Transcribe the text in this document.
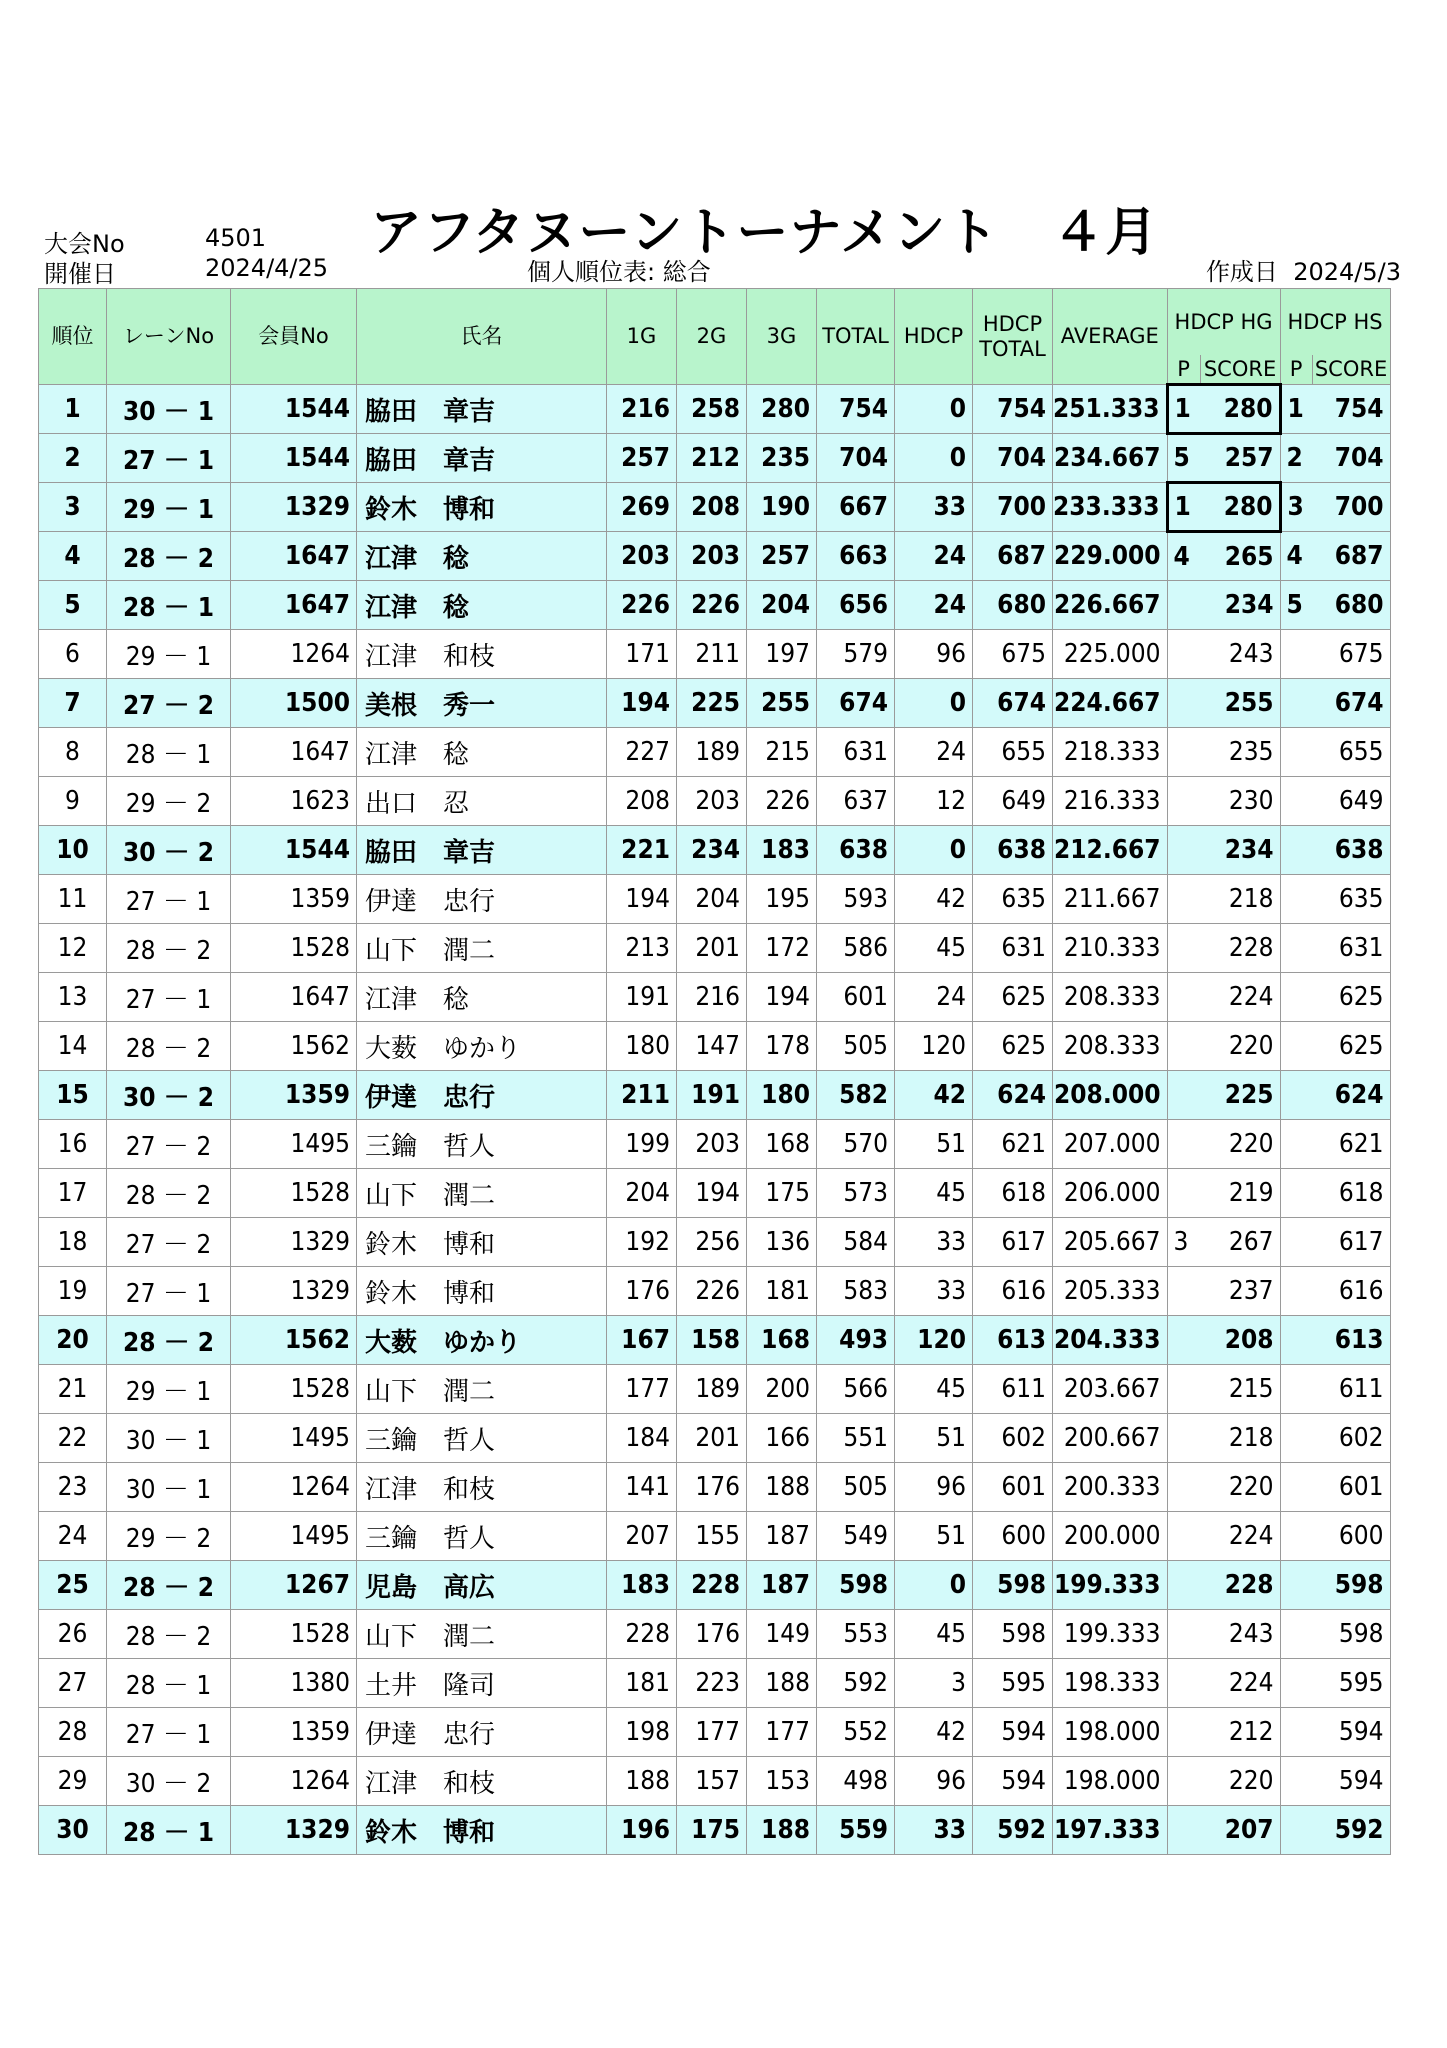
大会No	4501
開催日	2024/4/25
アフタヌーントーナメント　４月
個人順位表: 総合	作成日 2024/5/3
順位	レーンNo	会員No	氏名	1G	2G	3G	TOTAL	HDCP	HDCP TOTAL	AVERAGE	HDCP HG		HDCP HS	
											P	SCORE	P	SCORE
1	30 － 1	1544	脇田　章吉	216	258	280	754	0	754	251.333	1	280	1	754
2	27 － 1	1544	脇田　章吉	257	212	235	704	0	704	234.667	5	257	2	704
3	29 － 1	1329	鈴木　博和	269	208	190	667	33	700	233.333	1	280	3	700
4	28 － 2	1647	江津　稔	203	203	257	663	24	687	229.000	4	265	4	687
5	28 － 1	1647	江津　稔	226	226	204	656	24	680	226.667		234	5	680
6	29 － 1	1264	江津　和枝	171	211	197	579	96	675	225.000		243		675
7	27 － 2	1500	美根　秀一	194	225	255	674	0	674	224.667		255		674
8	28 － 1	1647	江津　稔	227	189	215	631	24	655	218.333		235		655
9	29 － 2	1623	出口　忍	208	203	226	637	12	649	216.333		230		649
10	30 － 2	1544	脇田　章吉	221	234	183	638	0	638	212.667		234		638
11	27 － 1	1359	伊達　忠行	194	204	195	593	42	635	211.667		218		635
12	28 － 2	1528	山下　潤二	213	201	172	586	45	631	210.333		228		631
13	27 － 1	1647	江津　稔	191	216	194	601	24	625	208.333		224		625
14	28 － 2	1562	大薮　ゆかり	180	147	178	505	120	625	208.333		220		625
15	30 － 2	1359	伊達　忠行	211	191	180	582	42	624	208.000		225		624
16	27 － 2	1495	三鑰　哲人	199	203	168	570	51	621	207.000		220		621
17	28 － 2	1528	山下　潤二	204	194	175	573	45	618	206.000		219		618
18	27 － 2	1329	鈴木　博和	192	256	136	584	33	617	205.667	3	267		617
19	27 － 1	1329	鈴木　博和	176	226	181	583	33	616	205.333		237		616
20	28 － 2	1562	大薮　ゆかり	167	158	168	493	120	613	204.333		208		613
21	29 － 1	1528	山下　潤二	177	189	200	566	45	611	203.667		215		611
22	30 － 1	1495	三鑰　哲人	184	201	166	551	51	602	200.667		218		602
23	30 － 1	1264	江津　和枝	141	176	188	505	96	601	200.333		220		601
24	29 － 2	1495	三鑰　哲人	207	155	187	549	51	600	200.000		224		600
25	28 － 2	1267	児島　高広	183	228	187	598	0	598	199.333		228		598
26	28 － 2	1528	山下　潤二	228	176	149	553	45	598	199.333		243		598
27	28 － 1	1380	土井　隆司	181	223	188	592	3	595	198.333		224		595
28	27 － 1	1359	伊達　忠行	198	177	177	552	42	594	198.000		212		594
29	30 － 2	1264	江津　和枝	188	157	153	498	96	594	198.000		220		594
30	28 － 1	1329	鈴木　博和	196	175	188	559	33	592	197.333		207		592
